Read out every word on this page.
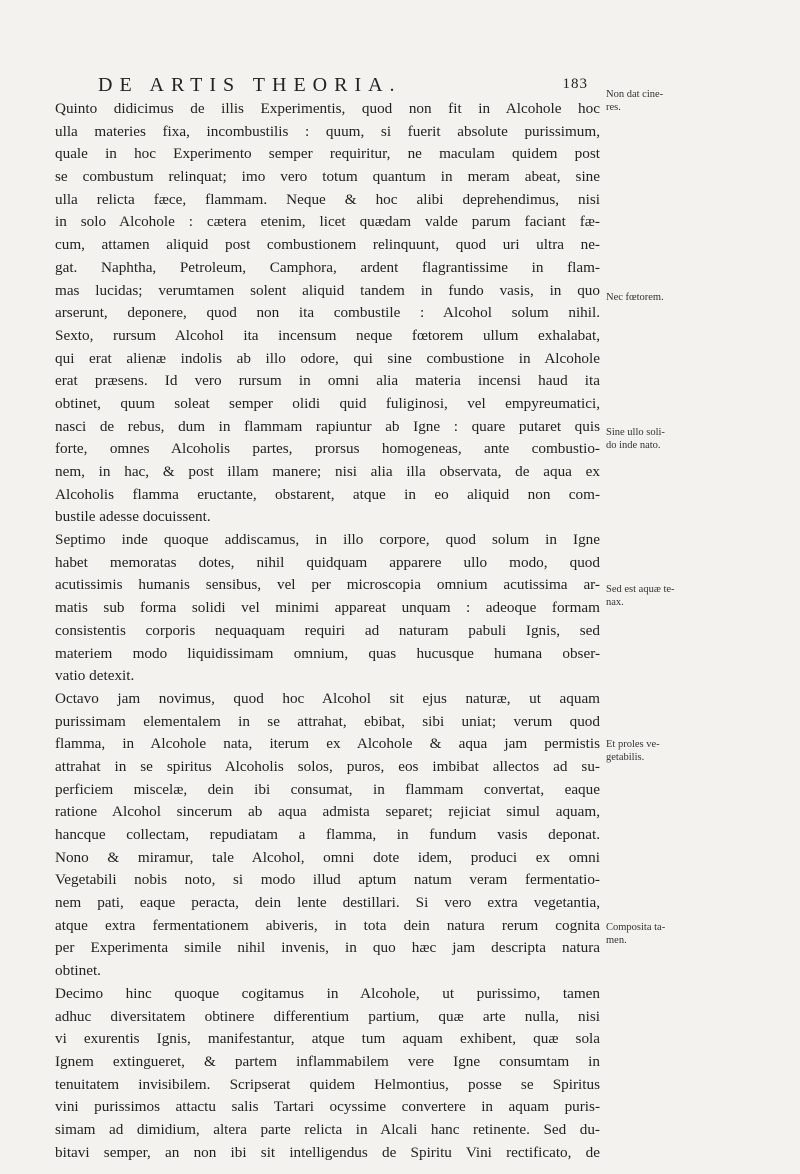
DE ARTIS THEORIA.	183
Quinto didicimus de illis Experimentis, quod non fit in Alcohole hoc
ulla materies fixa, incombustilis : quum, si fuerit absolute purissimum,
quale in hoc Experimento semper requiritur, ne maculam quidem post
se combustum relinquat; imo vero totum quantum in meram abeat, sine
ulla relicta fæce, flammam. Neque & hoc alibi deprehendimus, nisi
in solo Alcohole : cætera etenim, licet quædam valde parum faciant fæ-
cum, attamen aliquid post combustionem relinquunt, quod uri ultra ne-
gat. Naphtha, Petroleum, Camphora, ardent flagrantissime in flam-
mas lucidas; verumtamen solent aliquid tandem in fundo vasis, in quo
arserunt, deponere, quod non ita combustile : Alcohol solum nihil.
Sexto, rursum Alcohol ita incensum neque fœtorem ullum exhalabat,
qui erat alienæ indolis ab illo odore, qui sine combustione in Alcohole
erat præsens. Id vero rursum in omni alia materia incensi haud ita
obtinet, quum soleat semper olidi quid fuliginosi, vel empyreumatici,
nasci de rebus, dum in flammam rapiuntur ab Igne : quare putaret quis
forte, omnes Alcoholis partes, prorsus homogeneas, ante combustio-
nem, in hac, & post illam manere; nisi alia illa observata, de aqua ex
Alcoholis flamma eructante, obstarent, atque in eo aliquid non com-
bustile adesse docuissent.
Septimo inde quoque addiscamus, in illo corpore, quod solum in Igne
habet memoratas dotes, nihil quidquam apparere ullo modo, quod
acutissimis humanis sensibus, vel per microscopia omnium acutissima ar-
matis sub forma solidi vel minimi appareat unquam : adeoque formam
consistentis corporis nequaquam requiri ad naturam pabuli Ignis, sed
materiem modo liquidissimam omnium, quas hucusque humana obser-
vatio detexit.
Octavo jam novimus, quod hoc Alcohol sit ejus naturæ, ut aquam
purissimam elementalem in se attrahat, ebibat, sibi uniat; verum quod
flamma, in Alcohole nata, iterum ex Alcohole & aqua jam permistis
attrahat in se spiritus Alcoholis solos, puros, eos imbibat allectos ad su-
perficiem miscelæ, dein ibi consumat, in flammam convertat, eaque
ratione Alcohol sincerum ab aqua admista separet; rejiciat simul aquam,
hancque collectam, repudiatam a flamma, in fundum vasis deponat.
Nono & miramur, tale Alcohol, omni dote idem, produci ex omni
Vegetabili nobis noto, si modo illud aptum natum veram fermentatio-
nem pati, eaque peracta, dein lente destillari. Si vero extra vegetantia,
atque extra fermentationem abiveris, in tota dein natura rerum cognita
per Experimenta simile nihil invenis, in quo hæc jam descripta natura
obtinet.
Decimo hinc quoque cogitamus in Alcohole, ut purissimo, tamen
adhuc diversitatem obtinere differentium partium, quæ arte nulla, nisi
vi exurentis Ignis, manifestantur, atque tum aquam exhibent, quæ sola
Ignem extingueret, & partem inflammabilem vere Igne consumtam in
tenuitatem invisibilem. Scripserat quidem Helmontius, posse se Spiritus
vini purissimos attactu salis Tartari ocyssime convertere in aquam puris-
simam ad dimidium, altera parte relicta in Alcali hanc retinente. Sed du-
bitavi semper, an non ibi sit intelligendus de Spiritu Vini rectificato, de
Non dat cine-
res.
Nec fœtorem.
Sine ullo soli-
do inde nato.
Sed est aquæ te-
nax.
Et proles ve-
getabilis.
Composita ta-
men.
